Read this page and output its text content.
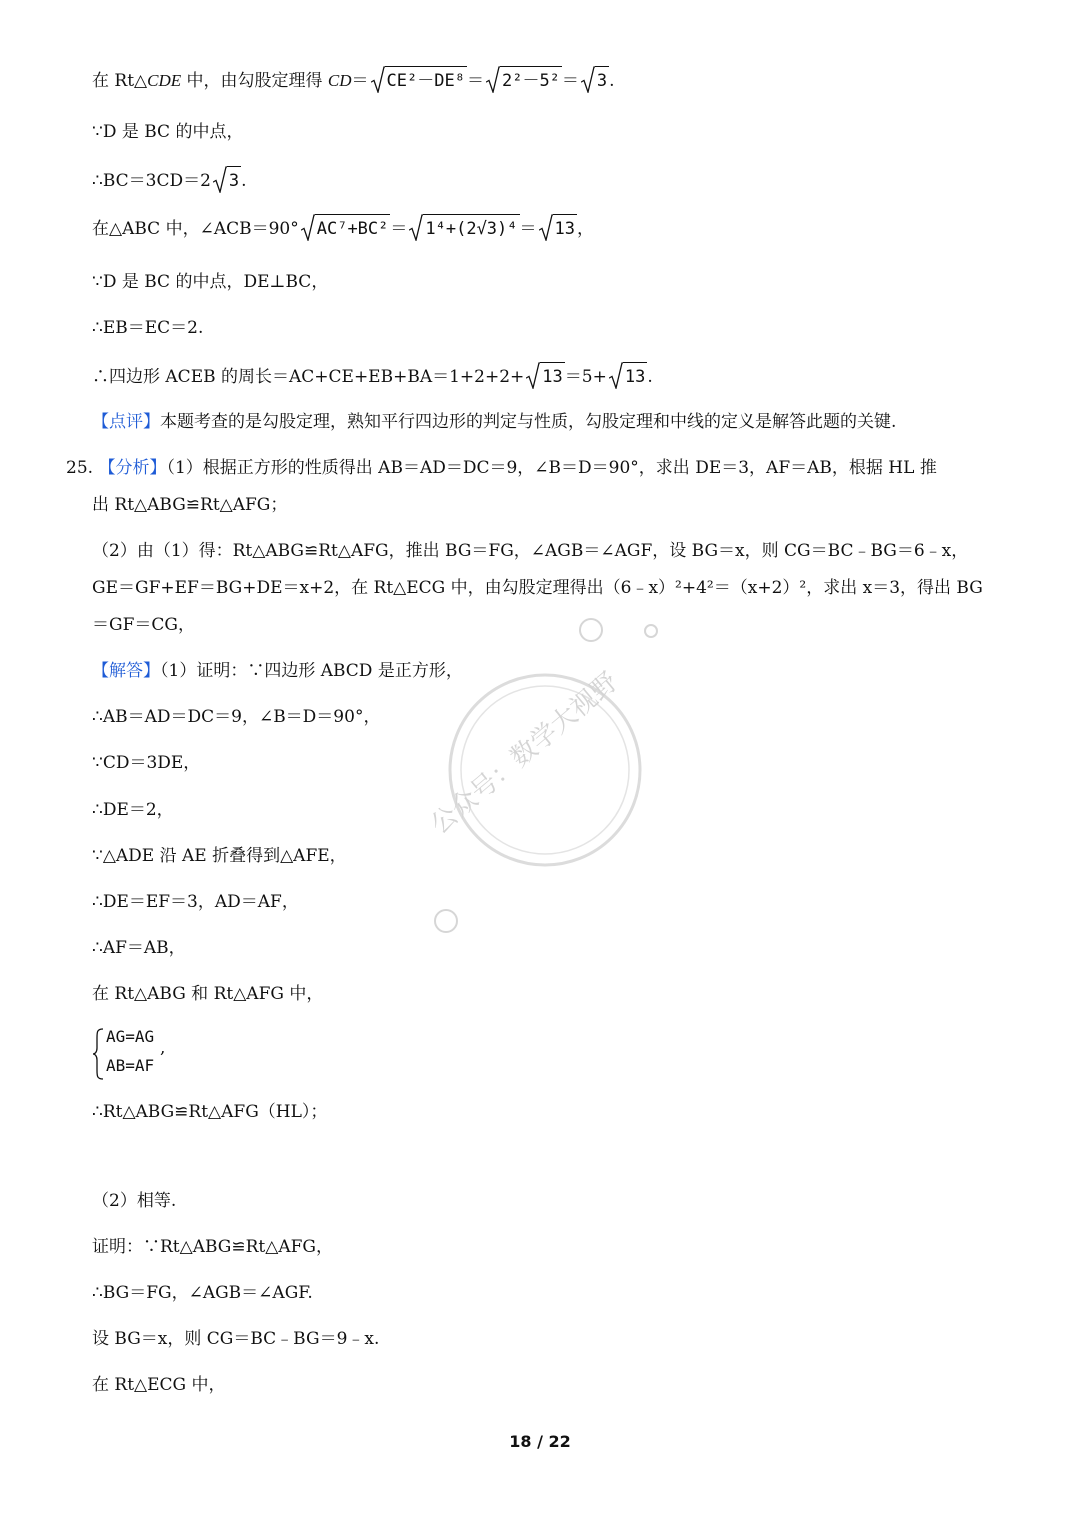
公众号：数学大视野
在 Rt△CDE 中，由勾股定理得 CD＝ CE²－DE⁸ ＝ 2²－5² ＝ 3 .
∵D 是 BC 的中点，
∴BC＝3CD＝2 3 .
在△ABC 中，∠ACB＝90° AC⁷+BC² ＝ 1⁴+(2√3)⁴ ＝ 13 ，
∵D 是 BC 的中点，DE⊥BC，
∴EB＝EC＝2.
∴四边形 ACEB 的周长＝AC+CE+EB+BA＝1+2+2+ 13 ＝5+ 13 .
【点评】本题考查的是勾股定理，熟知平行四边形的判定与性质，勾股定理和中线的定义是解答此题的关键.
25. 【分析】（1）根据正方形的性质得出 AB＝AD＝DC＝9，∠B＝D＝90°，求出 DE＝3，AF＝AB，根据 HL 推
出 Rt△ABG≌Rt△AFG；
（2）由（1）得：Rt△ABG≌Rt△AFG，推出 BG＝FG，∠AGB＝∠AGF，设 BG＝x，则 CG＝BC﹣BG＝6﹣x，
GE＝GF+EF＝BG+DE＝x+2，在 Rt△ECG 中，由勾股定理得出（6﹣x）²+4²＝（x+2）²，求出 x＝3，得出 BG
＝GF＝CG，
【解答】（1）证明：∵四边形 ABCD 是正方形，
∴AB＝AD＝DC＝9，∠B＝D＝90°，
∵CD＝3DE，
∴DE＝2，
∵△ADE 沿 AE 折叠得到△AFE，
∴DE＝EF＝3，AD＝AF，
∴AF＝AB，
在 Rt△ABG 和 Rt△AFG 中，
AG=AG
AB=AF
,
∴Rt△ABG≌Rt△AFG（HL）；
（2）相等.
证明：∵Rt△ABG≌Rt△AFG，
∴BG＝FG，∠AGB＝∠AGF.
设 BG＝x，则 CG＝BC﹣BG＝9﹣x.
在 Rt△ECG 中，
18 / 22
